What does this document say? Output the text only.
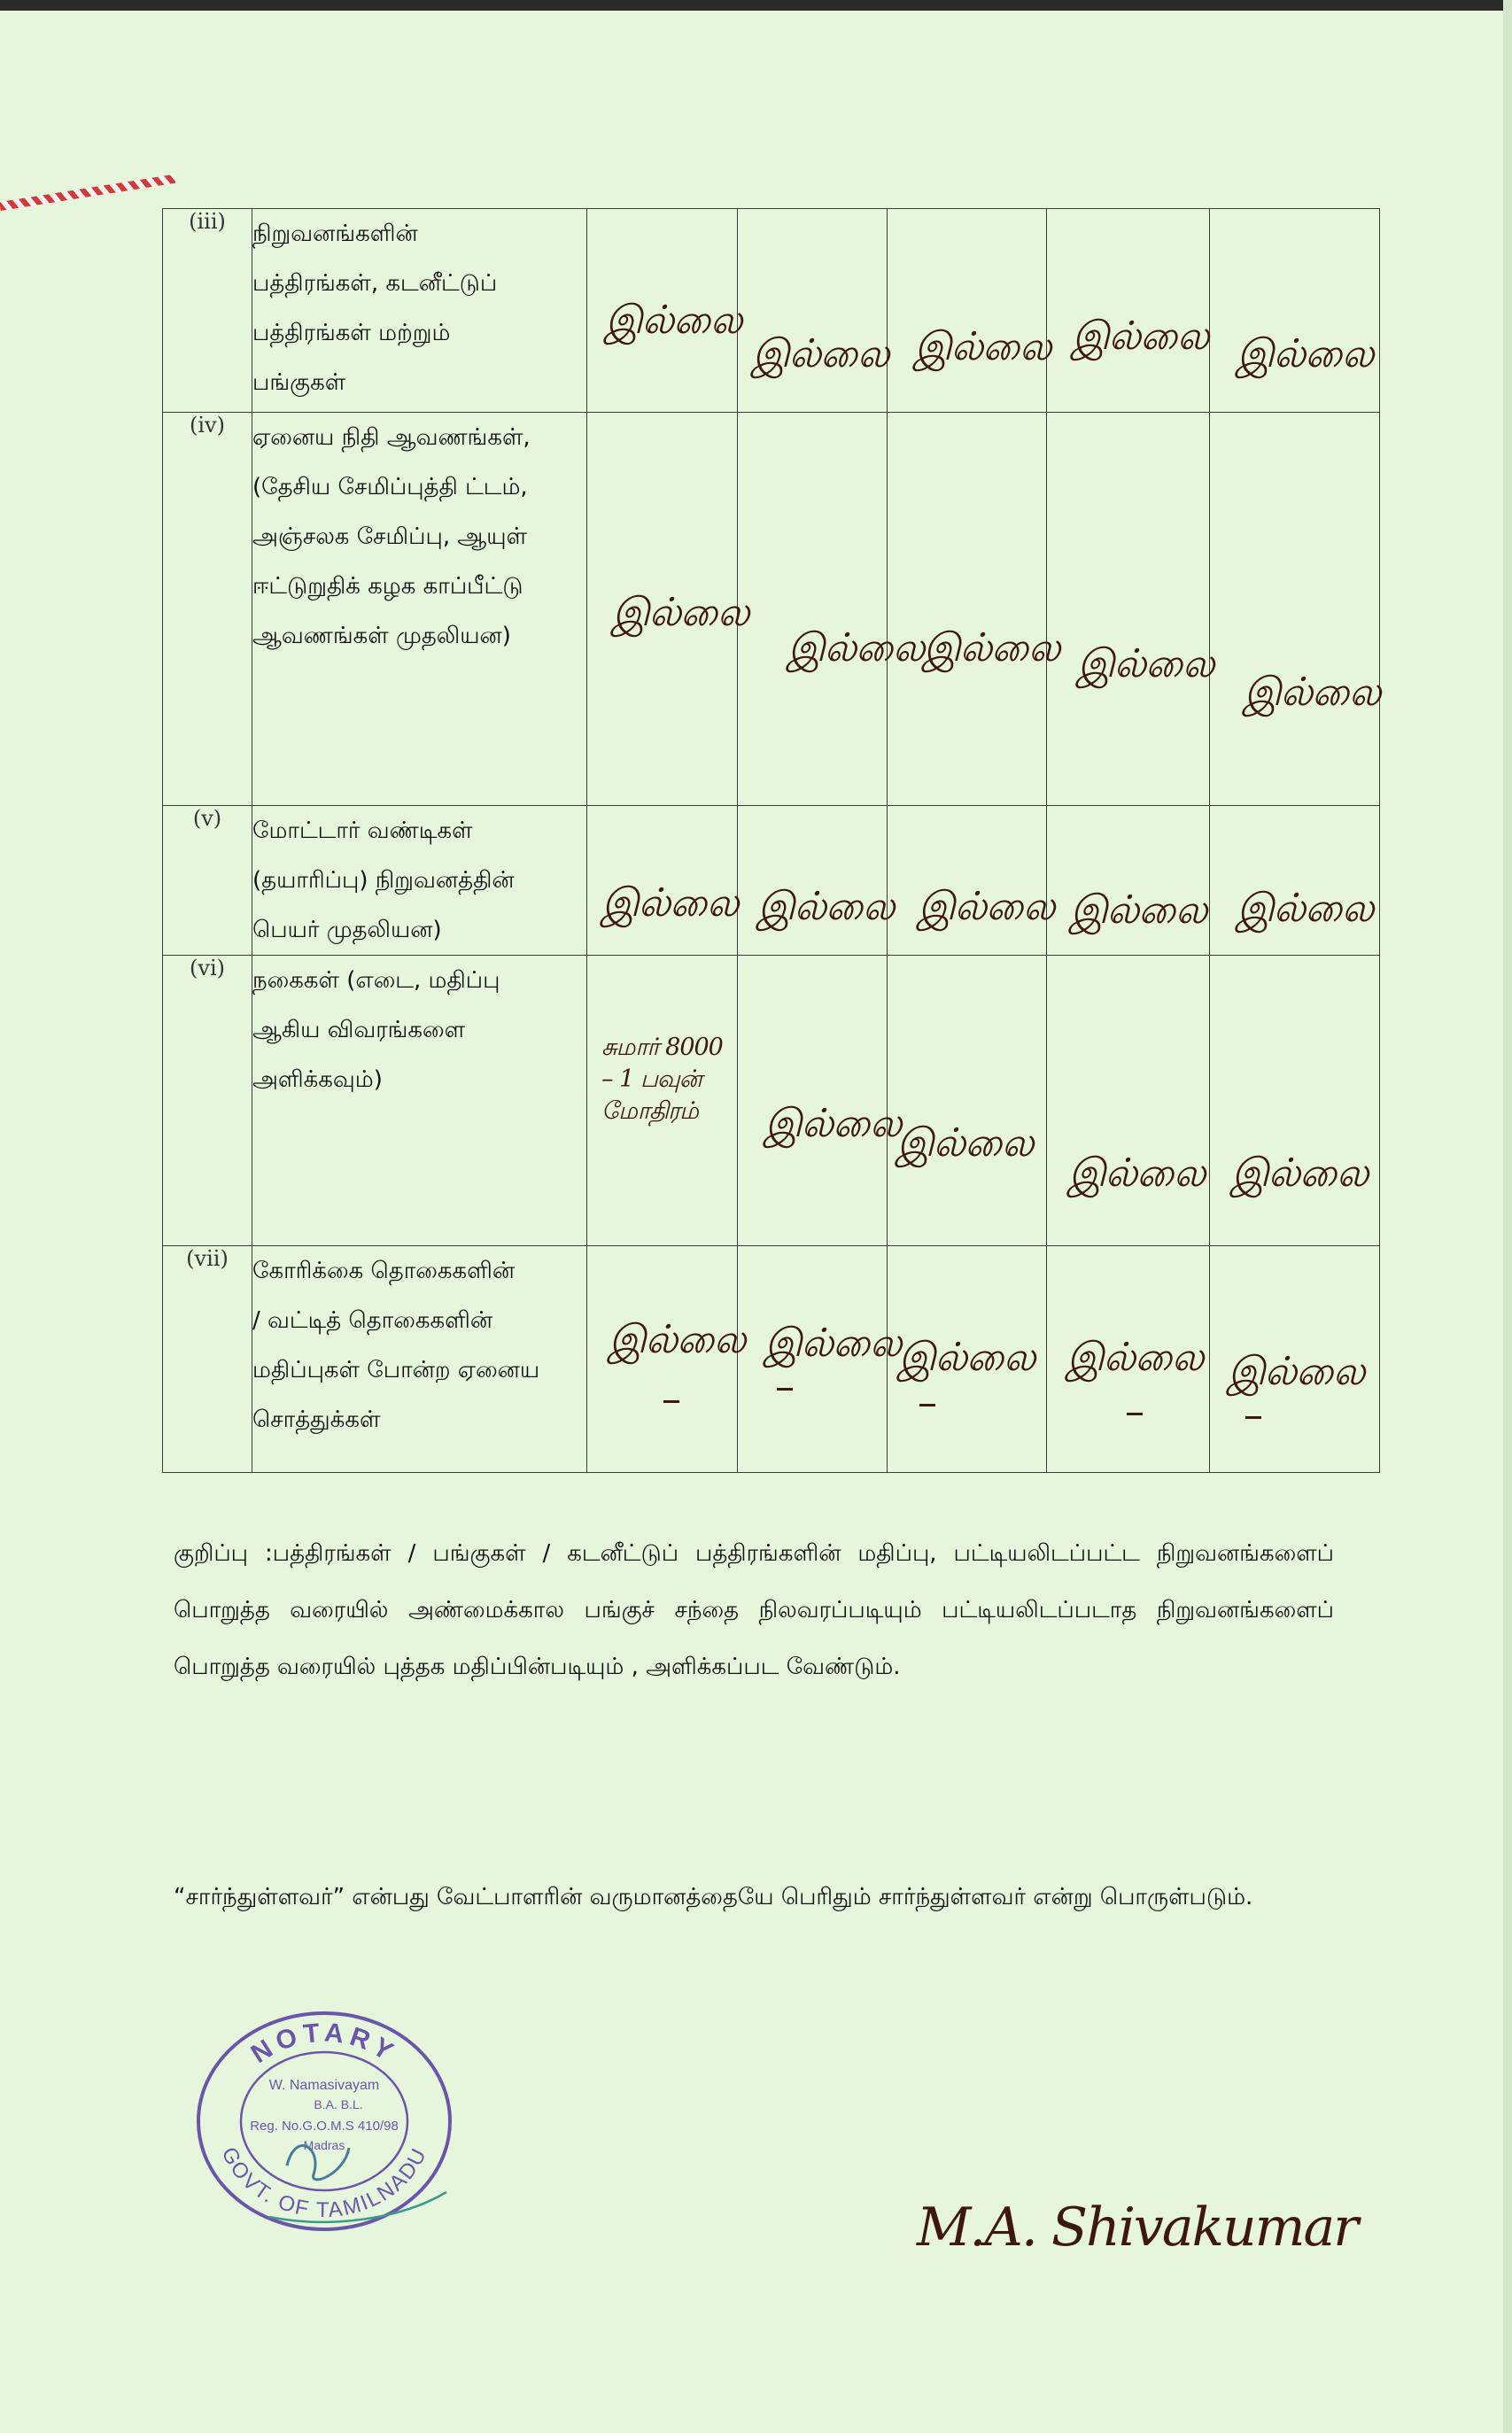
(iii)	நிறுவனங்களின்
பத்திரங்கள், கடனீட்டுப்
பத்திரங்கள் மற்றும்
பங்குகள்	இல்லை	இல்லை	இல்லை	இல்லை	இல்லை

(iv)	ஏனைய நிதி ஆவணங்கள்,
(தேசிய சேமிப்புத்தி ட்டம்,
அஞ்சலக சேமிப்பு, ஆயுள்
ஈட்டுறுதிக் கழக காப்பீட்டு
ஆவணங்கள் முதலியன)	இல்லை	இல்லை	இல்லை	இல்லை	இல்லை

(v)	மோட்டார் வண்டிகள்
(தயாரிப்பு) நிறுவனத்தின்
பெயர் முதலியன)	இல்லை	இல்லை	இல்லை	இல்லை	இல்லை

(vi)	நகைகள் (எடை, மதிப்பு
ஆகிய விவரங்களை
அளிக்கவும்)	சுமார் 8000 – 1 பவுன் மோதிரம்	இல்லை	இல்லை	இல்லை	இல்லை

(vii)	கோரிக்கை தொகைகளின்
/ வட்டித் தொகைகளின்
மதிப்புகள் போன்ற ஏனைய
சொத்துக்கள்	இல்லை	இல்லை	இல்லை	இல்லை	இல்லை
குறிப்பு :பத்திரங்கள் / பங்குகள் / கடனீட்டுப் பத்திரங்களின் மதிப்பு, பட்டியலிடப்பட்ட நிறுவனங்களைப் பொறுத்த வரையில் அண்மைக்கால பங்குச் சந்தை நிலவரப்படியும் பட்டியலிடப்படாத நிறுவனங்களைப் பொறுத்த வரையில் புத்தக மதிப்பின்படியும் , அளிக்கப்பட வேண்டும்.
“சார்ந்துள்ளவர்” என்பது வேட்பாளரின் வருமானத்தையே பெரிதும் சார்ந்துள்ளவர் என்று பொருள்படும்.
NOTARY
GOVT. OF TAMILNADU
W. Namasivayam
B.A. B.L.
Reg. No.G.O.M.S 410/98
Madras
M.A. Shivakumar
